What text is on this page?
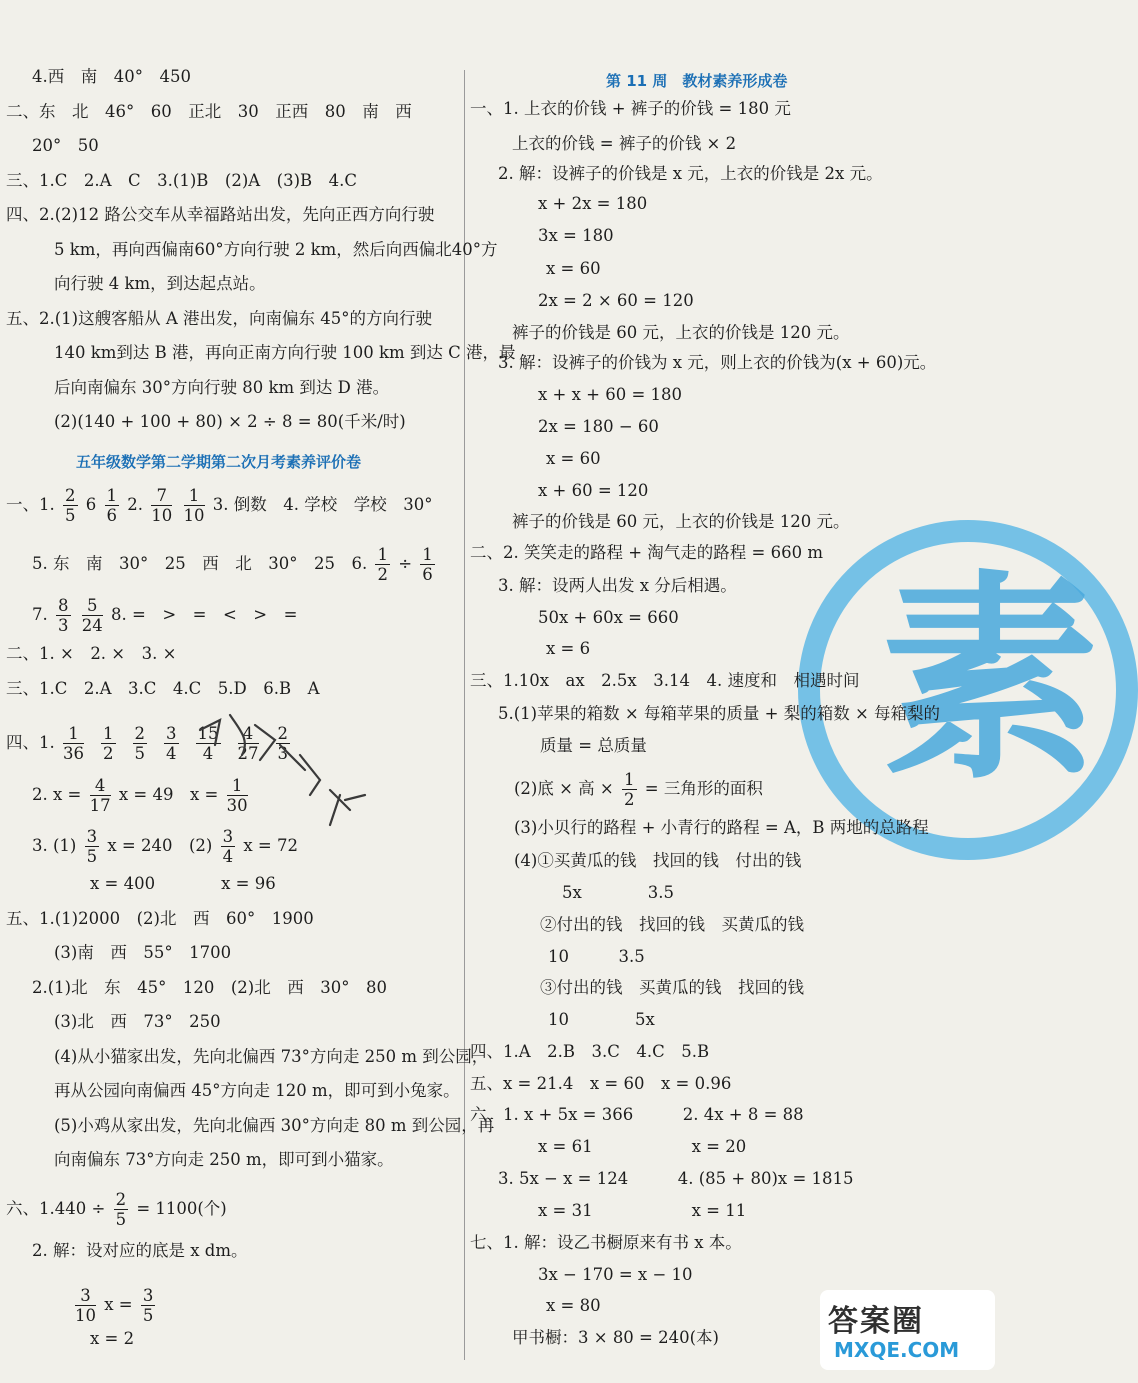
素
4.西　南　40°　450
二、东　北　46°　60　正北　30　正西　80　南　西
20°　50
三、1.C　2.A　C　3.(1)B　(2)A　(3)B　4.C
四、2.(2)12 路公交车从幸福路站出发，先向正西方向行驶
5 km，再向西偏南60°方向行驶 2 km，然后向西偏北40°方
向行驶 4 km，到达起点站。
五、2.(1)这艘客船从 A 港出发，向南偏东 45°的方向行驶
140 km到达 B 港，再向正南方向行驶 100 km 到达 C 港，最
后向南偏东 30°方向行驶 80 km 到达 D 港。
(2)(140 + 100 + 80) × 2 ÷ 8 = 80(千米/时)
五年级数学第二学期第二次月考素养评价卷
一、1. $\frac{2}{5} 6 \frac{1}{6} 2$. $\frac{7}{10}$
$\frac{1}{10} 3$. 倒数　4. 学校　学校　30°
5. 东　南　30°　25　西　北　30°　25　6. $\frac{1}{2} \div \frac{1}{6}$
7. $\frac{8}{3}$
$\frac{5}{24} 8$. =　>　=　<　>　=
二、1. ×　2. ×　3. ×
三、1.C　2.A　3.C　4.C　5.D　6.B　A
四、1. $\frac{1}{36} \frac{1}{2} \frac{2}{5} \frac{3}{4} \frac{15}{4} \frac{4}{27} \frac{2}{3}$
2. $x = \frac{4}{17}$ x = 49　$x = \frac{1}{30}$
3. $(1) \frac{3}{5}$ x = 240　$(2) \frac{3}{4}$ x = 72
x = 400　　　　x = 96
五、1.(1)2000　(2)北　西　60°　1900
(3)南　西　55°　1700
2.(1)北　东　45°　120　(2)北　西　30°　80
(3)北　西　73°　250
(4)从小猫家出发，先向北偏西 73°方向走 250 m 到公园，
再从公园向南偏西 45°方向走 120 m，即可到小兔家。
(5)小鸡从家出发，先向北偏西 30°方向走 80 m 到公园，再
向南偏东 73°方向走 250 m，即可到小猫家。
六、$1.440 \div \frac{2}{5} = 1100$(个)
2. 解：设对应的底是 x dm。
$\frac{3}{10}$ $x = \frac{3}{5}$
x = 2
第 11 周　教材素养形成卷
一、1. 上衣的价钱 + 裤子的价钱 = 180 元
上衣的价钱 = 裤子的价钱 × 2
2. 解：设裤子的价钱是 x 元，上衣的价钱是 2x 元。
x + 2x = 180
3x = 180
x = 60
2x = 2 × 60 = 120
裤子的价钱是 60 元，上衣的价钱是 120 元。
3. 解：设裤子的价钱为 x 元，则上衣的价钱为(x + 60)元。
x + x + 60 = 180
2x = 180 − 60
x = 60
x + 60 = 120
裤子的价钱是 60 元，上衣的价钱是 120 元。
二、2. 笑笑走的路程 + 淘气走的路程 = 660 m
3. 解：设两人出发 x 分后相遇。
50x + 60x = 660
x = 6
三、1.10x　ax　2.5x　3.14　4. 速度和　相遇时间
5.(1)苹果的箱数 × 每箱苹果的质量 + 梨的箱数 × 每箱梨的
质量 = 总质量
(2)底 × 高 × $\frac{1}{2}$ = 三角形的面积
(3)小贝行的路程 + 小青行的路程 = A，B 两地的总路程
(4)①买黄瓜的钱　找回的钱　付出的钱
5x　　　　3.5
②付出的钱　找回的钱　买黄瓜的钱
10　　　3.5
③付出的钱　买黄瓜的钱　找回的钱
10　　　　5x
四、1.A　2.B　3.C　4.C　5.B
五、x = 21.4　x = 60　x = 0.96
六、1. x + 5x = 366　　　2. 4x + 8 = 88
x = 61　　　　　　x = 20
3. 5x − x = 124　　　4. (85 + 80)x = 1815
x = 31　　　　　　x = 11
七、1. 解：设乙书橱原来有书 x 本。
3x − 170 = x − 10
x = 80
甲书橱：3 × 80 = 240(本)	答案圈
MXQE.COM
